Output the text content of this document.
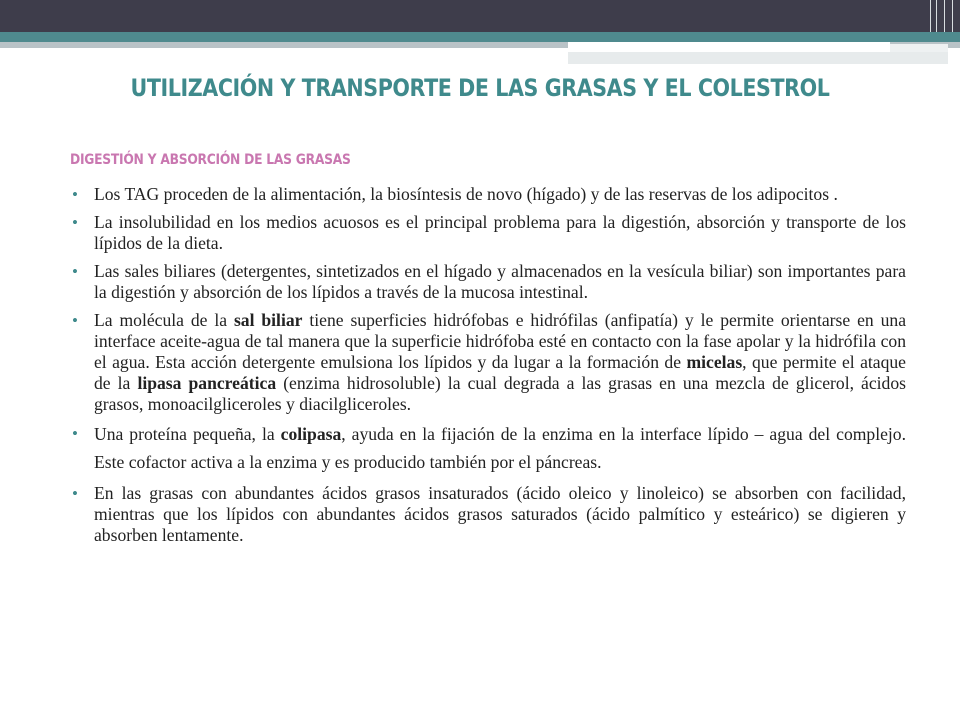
UTILIZACIÓN Y TRANSPORTE DE LAS GRASAS Y EL COLESTROL
DIGESTIÓN Y ABSORCIÓN DE LAS GRASAS
• Los TAG proceden de la alimentación, la biosíntesis de novo (hígado) y de las reservas de los adipocitos .
• La insolubilidad en los medios acuosos es el principal problema para la digestión, absorción y transporte de los lípidos de la dieta.
• Las sales biliares (detergentes, sintetizados en el hígado y almacenados en la vesícula biliar) son importantes para la digestión y absorción de los lípidos a través de la mucosa intestinal.
• La molécula de la sal biliar tiene superficies hidrófobas e hidrófilas (anfipatía) y le permite orientarse en una interface aceite-agua de tal manera que la superficie hidrófoba esté en contacto con la fase apolar y la hidrófila con el agua. Esta acción detergente emulsiona los lípidos y da lugar a la formación de micelas, que permite el ataque de la lipasa pancreática (enzima hidrosoluble) la cual degrada a las grasas en una mezcla de glicerol, ácidos grasos, monoacilgliceroles y diacilgliceroles.
• Una proteína pequeña, la colipasa, ayuda en la fijación de la enzima en la interface lípido – agua del complejo. Este cofactor activa a la enzima y es producido también por el páncreas.
• En las grasas con abundantes ácidos grasos insaturados (ácido oleico y linoleico) se absorben con facilidad, mientras que los lípidos con abundantes ácidos grasos saturados (ácido palmítico y esteárico) se digieren y absorben lentamente.
